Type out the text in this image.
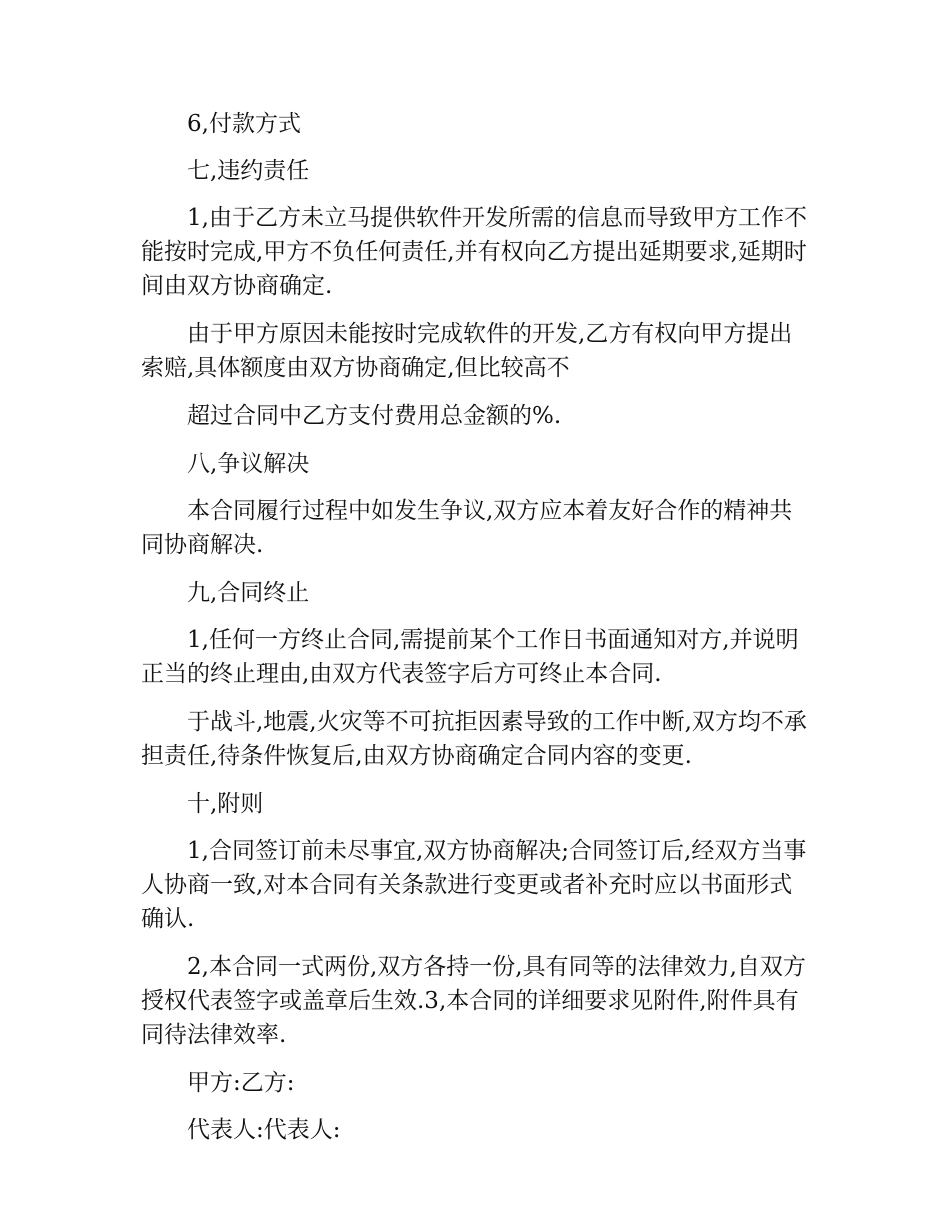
6,付款方式

七,违约责任

1,由于乙方未立马提供软件开发所需的信息而导致甲方工作不能按时完成,甲方不负任何责任,并有权向乙方提出延期要求,延期时间由双方协商确定.

由于甲方原因未能按时完成软件的开发,乙方有权向甲方提出索赔,具体额度由双方协商确定,但比较高不

超过合同中乙方支付费用总金额的%.

八,争议解决

本合同履行过程中如发生争议,双方应本着友好合作的精神共同协商解决.

九,合同终止

1,任何一方终止合同,需提前某个工作日书面通知对方,并说明正当的终止理由,由双方代表签字后方可终止本合同.

于战斗,地震,火灾等不可抗拒因素导致的工作中断,双方均不承担责任,待条件恢复后,由双方协商确定合同内容的变更.

十,附则

1,合同签订前未尽事宜,双方协商解决;合同签订后,经双方当事人协商一致,对本合同有关条款进行变更或者补充时应以书面形式确认.

2,本合同一式两份,双方各持一份,具有同等的法律效力,自双方授权代表签字或盖章后生效.3,本合同的详细要求见附件,附件具有同待法律效率.

甲方:乙方:

代表人:代表人:
